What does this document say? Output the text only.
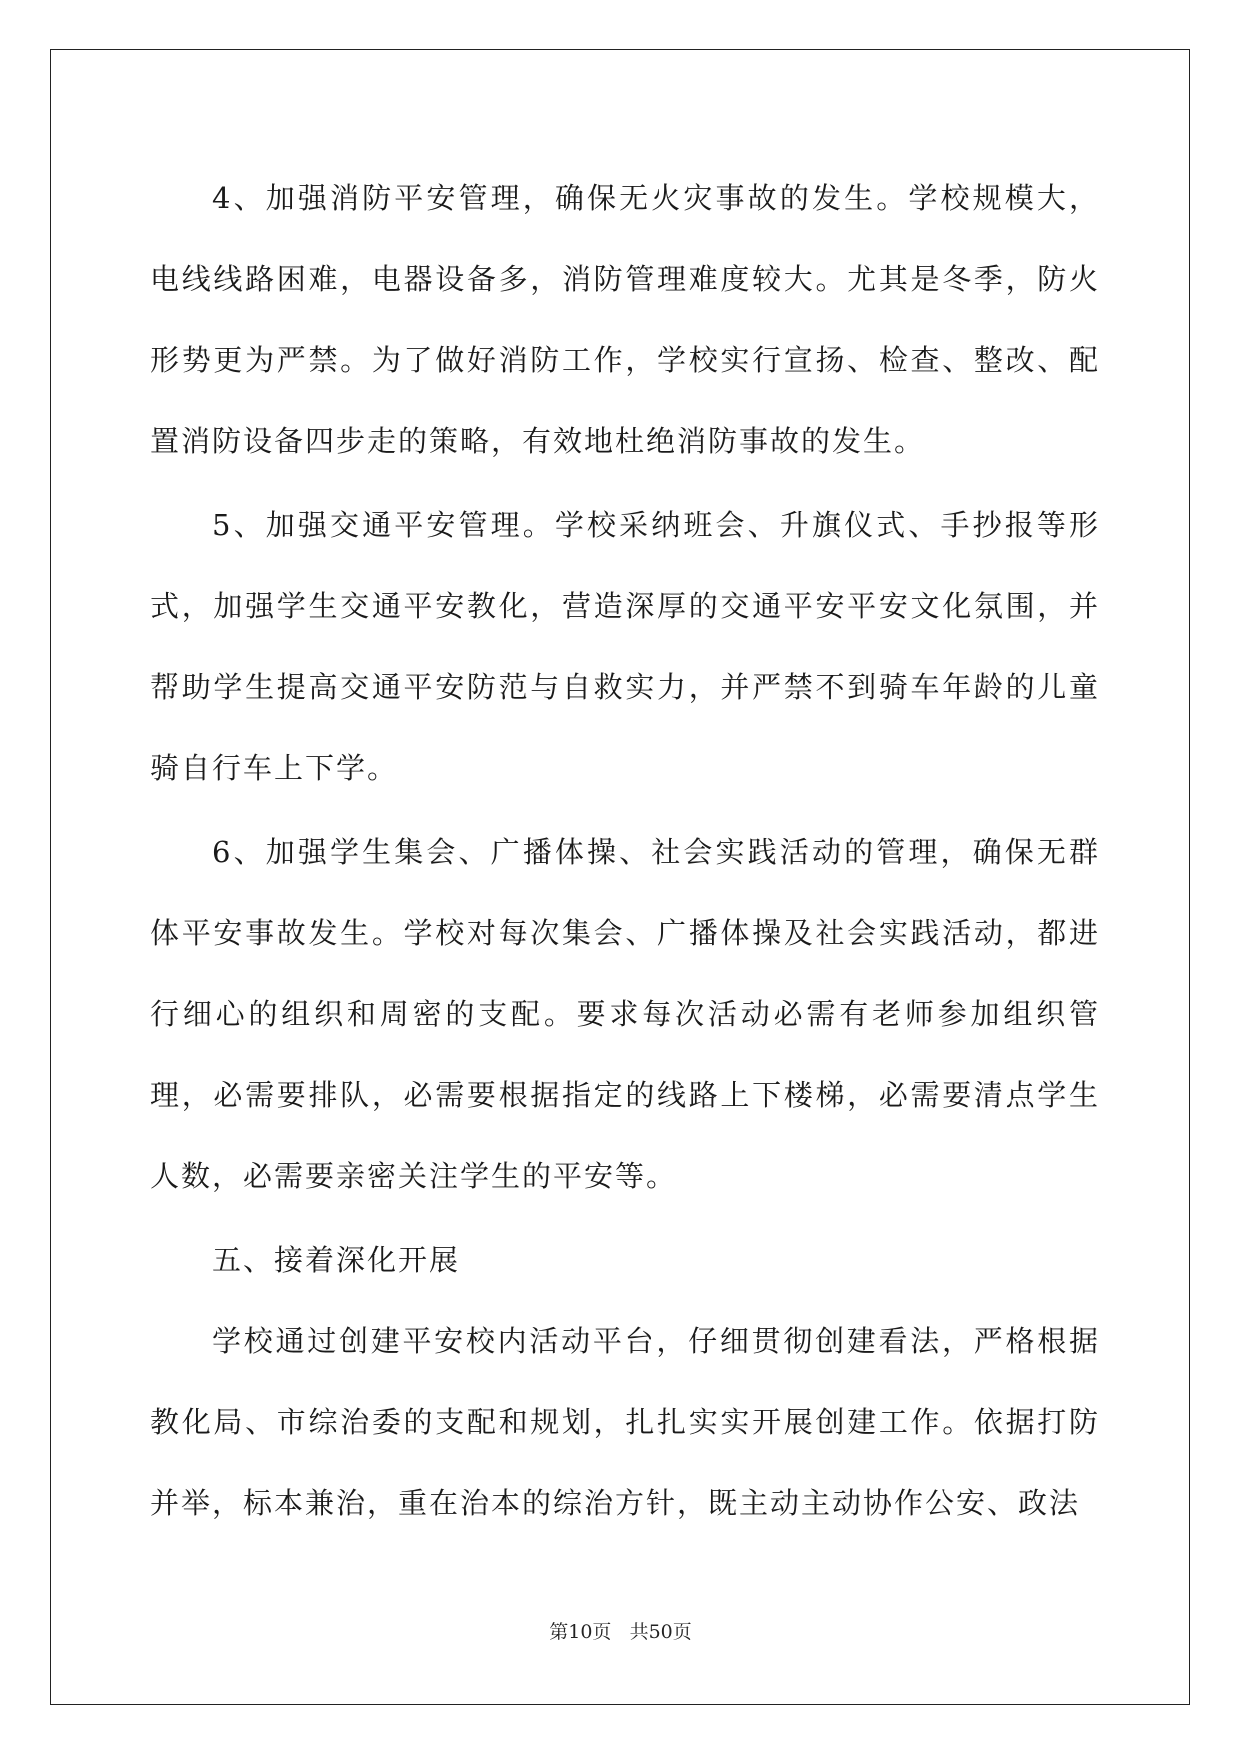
4、加强消防平安管理，确保无火灾事故的发生。学校规模大，电线线路困难，电器设备多，消防管理难度较大。尤其是冬季，防火形势更为严禁。为了做好消防工作，学校实行宣扬、检查、整改、配置消防设备四步走的策略，有效地杜绝消防事故的发生。

5、加强交通平安管理。学校采纳班会、升旗仪式、手抄报等形式，加强学生交通平安教化，营造深厚的交通平安平安文化氛围，并帮助学生提高交通平安防范与自救实力，并严禁不到骑车年龄的儿童骑自行车上下学。

6、加强学生集会、广播体操、社会实践活动的管理，确保无群体平安事故发生。学校对每次集会、广播体操及社会实践活动，都进行细心的组织和周密的支配。要求每次活动必需有老师参加组织管理，必需要排队，必需要根据指定的线路上下楼梯，必需要清点学生人数，必需要亲密关注学生的平安等。

五、接着深化开展

学校通过创建平安校内活动平台，仔细贯彻创建看法，严格根据教化局、市综治委的支配和规划，扎扎实实开展创建工作。依据打防并举，标本兼治，重在治本的综治方针，既主动主动协作公安、政法

第10页 共50页
